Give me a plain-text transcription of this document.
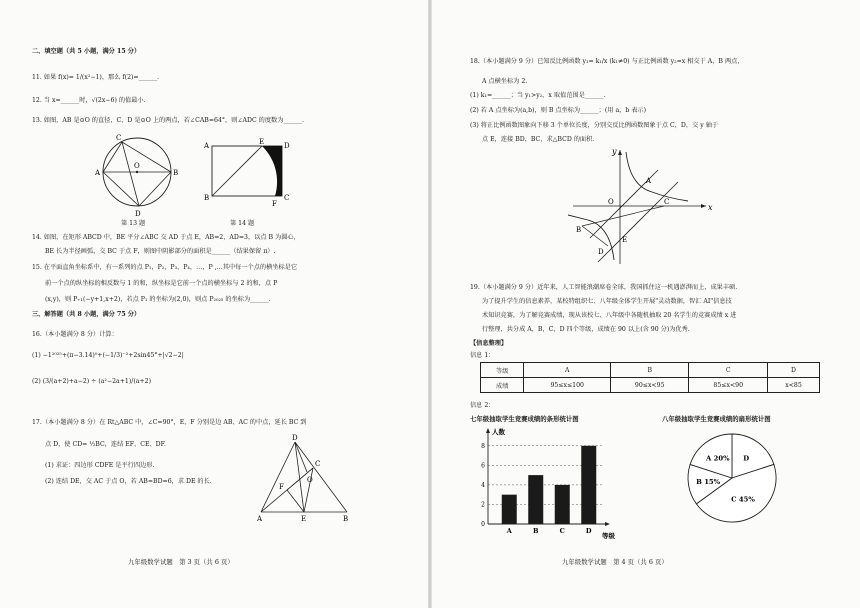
二、填空题（共 5 小题，满分 15 分）
11. 如果 f(x)= 1/(x²−1)，那么 f(2)=______.
12. 当 x=______时，√(2x−6) 的值最小.
13. 如图，AB 是⊙O 的直径，C、D 是⊙O 上的两点，若∠CAB=64°，则∠ADC 的度数为______.
C
A
O
B
D
第 13 题
A	E	D
B
F
C
第 14 题
14. 如图，在矩形 ABCD 中，BE 平分∠ABC 交 AD 于点 E，AB=2，AD=3，以点 B 为圆心，
BE 长为半径画弧，交 BC 于点 F，则图中阴影部分的面积是______（结果保留 π）.
15. 在平面直角坐标系中，有一系列的点 P₁，P₂，P₃，P₄，…，P ,…其中每一个点的横坐标是它
前一个点的纵坐标的相反数与 1 的和，纵坐标是它前一个点的横坐标与 2 的和，点 P
(x,y)，则 P₊₁(−y+1,x+2)，若点 P₁ 的坐标为(2,0)，则点 P₂₀₂₅ 的坐标为______.
三、解答题（共 8 小题，满分 75 分）
16.（本小题满分 8 分）计算：
(1) −1²⁰²⁵+(π−3.14)⁰+(−1/3)⁻²+2sin45°+|√2−2|
(2) (3/(a+2)+a−2) ÷ (a²−2a+1)/(a+2)
17.（本小题满分 8 分）在 Rt△ABC 中，∠C=90°，E、F 分别是边 AB、AC 的中点，延长 BC 到
点 D，使 CD= ½BC，连结 EF、CE、DF.
(1) 求证：四边形 CDFE 是平行四边形.
(2) 连结 DE，交 AC 于点 O，若 AB=BD=6，求 DE 的长.
D
C
O
F
A	E	B
九年级数学试题　第 3 页（共 6 页）
18.（本小题满分 9 分）已知反比例函数 y₁= k₁/x (k₁≠0) 与正比例函数 y₂=x 相交于 A，B 两点，
A 点横坐标为 2.
(1) k₁=______；当 y₁>y₂，x 取值范围是______.
(2) 若 A 点坐标为(a,b)，则 B 点坐标为______；(用 a，b 表示)
(3) 将正比例函数图象向下移 3 个单位长度，分别交反比例函数图象于点 C，D，交 y 轴于
点 E，连接 BD，BC，求△BCD 的面积.
y
A
O	C
x
B
E
D
19.（本小题满分 9 分）近年来，人工智能浪潮席卷全球，我国抓住这一机遇澎湃而上，成果丰硕.
为了提升学生的信息素养，某校特组织七、八年级全体学生开展"灵动数据，智汇 AI"信息技
术知识竞赛，为了解竞赛成绩，现从该校七、八年级中各随机抽取 20 名学生的竞赛成绩 x 进
行整理，共分成 A，B，C，D 四个等级，成绩在 90 以上(含 90 分)为优秀.
【信息整理】
信息 1：
等级	A	B	C	D
成绩	95≤x≤100	90≤x<95	85≤x<90	x<85
信息 2：
七年级抽取学生竞赛成绩的条形统计图	八年级抽取学生竞赛成绩的扇形统计图
2
4
6
8
0
人数
等级
A	B	C	D
D
C 45%
B 15%
A 20%
九年级数学试题　第 4 页（共 6 页）
